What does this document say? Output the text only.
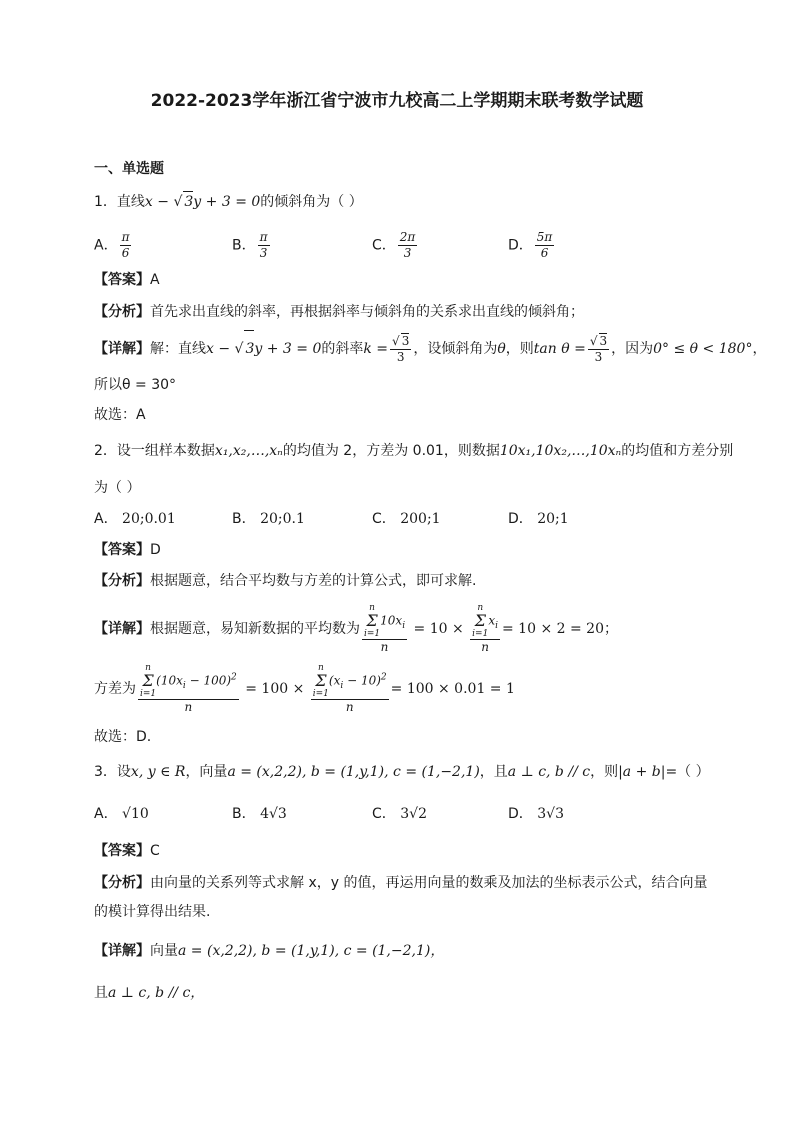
2022-2023学年浙江省宁波市九校高二上学期期末联考数学试题
一、单选题
1．直线x − √ 3y + 3 = 0的倾斜角为（ ）
A． $\frac{\pi}{6}$	B． $\frac{\pi}{3}$	C． $\frac{2\pi}{3}$	D． $\frac{5\pi}{6}$
【答案】A
【分析】首先求出直线的斜率，再根据斜率与倾斜角的关系求出直线的倾斜角；
【详解】解：直线x − √ 3y + 3 = 0的斜率$k = \frac{√ 3}{3}$ ，设倾斜角为θ，则$\tan \theta = \frac{√ 3}{3}$ ，因为0° ≤ θ < 180°，
所以θ = 30°
故选：A
2．设一组样本数据x₁,x₂,…,xₙ的均值为 2，方差为 0.01，则数据10x₁,10x₂,…,10xₙ的均值和方差分别
为（ ）
A． 20;0.01	B． 20;0.1	C． 200;1	D． 20;1
【答案】D
【分析】根据题意，结合平均数与方差的计算公式，即可求解.
【详解】根据题意，易知新数据的平均数为 n
Σ
$i=110x_i$
n = 10 × n
Σ
$i=1x_i$
n = 10 × 2 = 20；
方差为 n
Σ
$i=1(10x_i - 100)^2$
n = 100 × n
Σ
$i=1(x_i - 10)^2$
n = 100 × 0.01 = 1
故选：D.
3．设x, y ∈ R，向量a = (x,2,2), b = (1,y,1), c = (1,−2,1)，且a ⊥ c, b // c，则|a + b|=（ ）
A． √10	B． 4√3	C． 3√2	D． 3√3
【答案】C
【分析】由向量的关系列等式求解 x，y 的值，再运用向量的数乘及加法的坐标表示公式，结合向量
的模计算得出结果.
【详解】向量a = (x,2,2), b = (1,y,1), c = (1,−2,1)，
且a ⊥ c, b // c，
